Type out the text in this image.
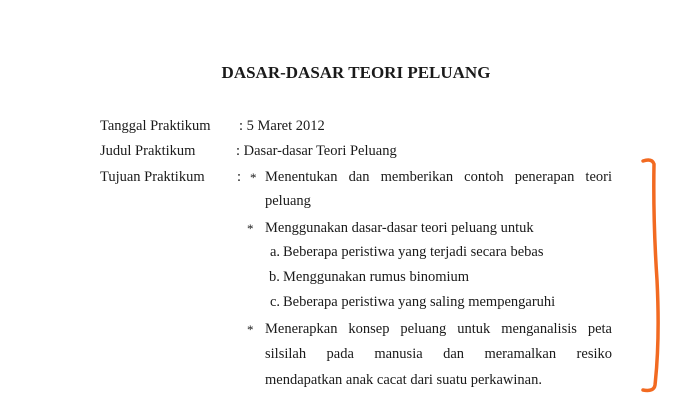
DASAR-DASAR TEORI PELUANG
Tanggal Praktikum : 5 Maret 2012
Judul Praktikum	: Dasar-dasar Teori Peluang
Tujuan Praktikum : * Menentukan dan memberikan contoh penerapan teori
peluang
* Menggunakan dasar-dasar teori peluang untuk
a. Beberapa peristiwa yang terjadi secara bebas
b. Menggunakan rumus binomium
c. Beberapa peristiwa yang saling mempengaruhi
* Menerapkan konsep peluang untuk menganalisis peta
silsilah pada manusia dan meramalkan resiko
mendapatkan anak cacat dari suatu perkawinan.
